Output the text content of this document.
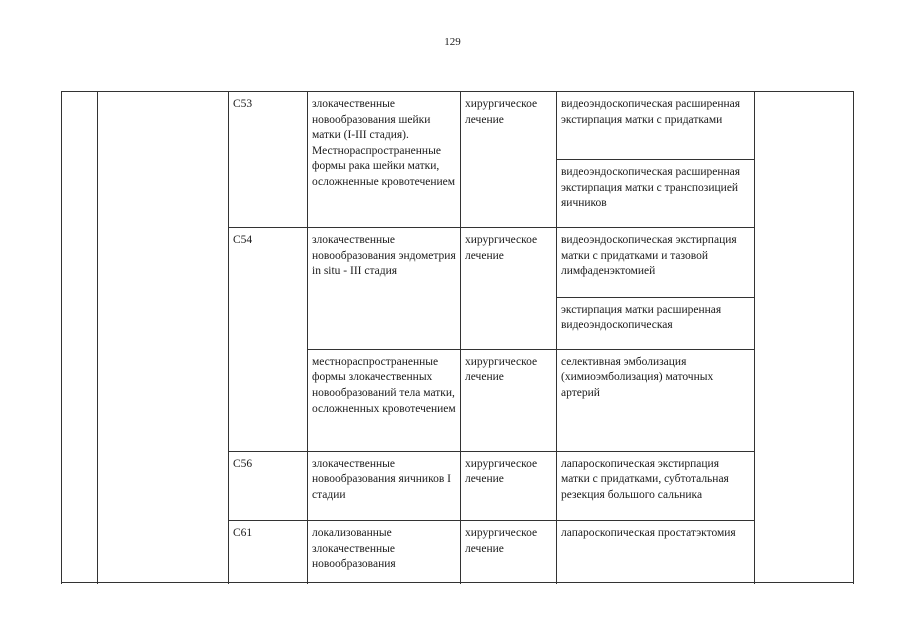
129
		C53	злокачественные новообразования шейки матки (I-III стадия). Местнораспространенные формы рака шейки матки, осложненные кровотечением	хирургическое лечение	видеоэндоскопическая расширенная экстирпация матки с придатками	
					видеоэндоскопическая расширенная экстирпация матки с транспозицией яичников	
		C54	злокачественные новообразования эндометрия in situ - III стадия	хирургическое лечение	видеоэндоскопическая экстирпация матки с придатками и тазовой лимфаденэктомией	
					экстирпация матки расширенная видеоэндоскопическая	
			местнораспространенные формы злокачественных новообразований тела матки, осложненных кровотечением	хирургическое лечение	селективная эмболизация (химиоэмболизация) маточных артерий	

		C56	злокачественные новообразования яичников I стадии	хирургическое лечение	лапароскопическая экстирпация матки с придатками, субтотальная резекция большого сальника	

		C61	локализованные злокачественные новообразования	хирургическое лечение	лапароскопическая простатэктомия	
